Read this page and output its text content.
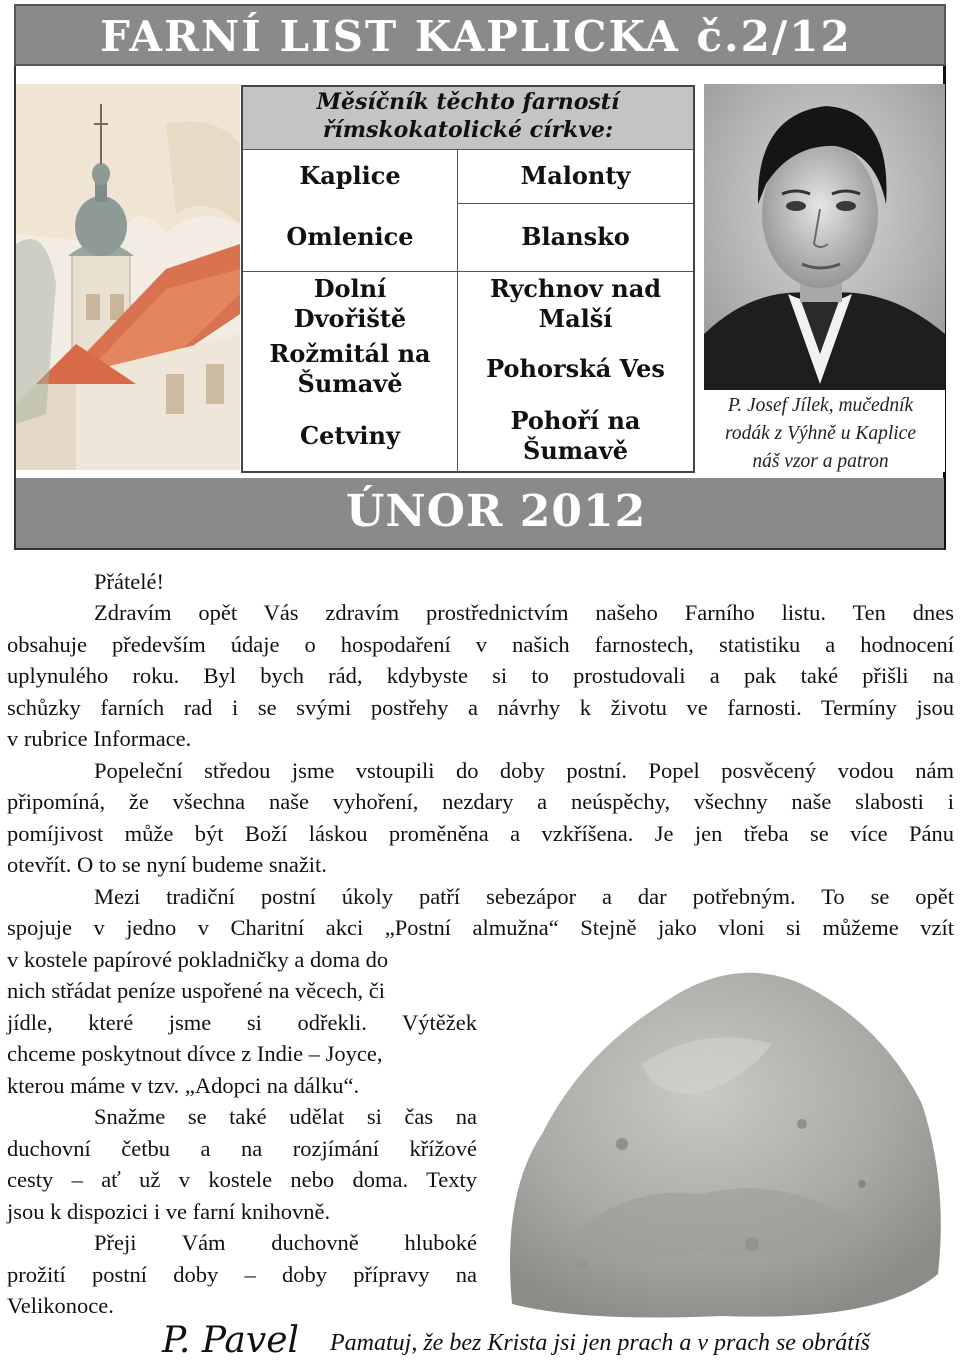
FARNÍ LIST KAPLICKA č.2/12
Měsíčník těchto farností
římskokatolické církve:
Kaplice
Omlenice
Dolní Dvořiště
Rožmitál na Šumavě
Cetviny
Malonty
Blansko
Rychnov nad Malší
Pohorská Ves
Pohoří na Šumavě
P. Josef Jílek, mučedník
rodák z Výhně u Kaplice
náš vzor a patron
ÚNOR 2012
Přátelé!
Zdravím opět Vás zdravím prostřednictvím našeho Farního listu. Ten dnes
obsahuje především údaje o hospodaření v našich farnostech, statistiku a hodnocení
uplynulého roku. Byl bych rád, kdybyste si to prostudovali a pak také přišli na
schůzky farních rad i se svými postřehy a návrhy k životu ve farnosti. Termíny jsou
v rubrice Informace.
Popeleční středou jsme vstoupili do doby postní. Popel posvěcený vodou nám
připomíná, že všechna naše vyhoření, nezdary a neúspěchy, všechny naše slabosti i
pomíjivost může být Boží láskou proměněna a vzkříšena. Je jen třeba se více Pánu
otevřít. O to se nyní budeme snažit.
Mezi tradiční postní úkoly patří sebezápor a dar potřebným. To se opět
spojuje v jedno v Charitní akci „Postní almužna“ Stejně jako vloni si můžeme vzít
v kostele papírové pokladničky a doma do
nich střádat peníze uspořené na věcech, či
jídle, které jsme si odřekli. Výtěžek
chceme poskytnout dívce z Indie – Joyce,
kterou máme v tzv. „Adopci na dálku“.
Snažme se také udělat si čas na
duchovní četbu a na rozjímání křížové
cesty – ať už v kostele nebo doma. Texty
jsou k dispozici i ve farní knihovně.
Přeji Vám duchovně hluboké
prožití postní doby – doby přípravy na
Velikonoce.
P. Pavel Pamatuj, že bez Krista jsi jen prach a v prach se obrátíš
